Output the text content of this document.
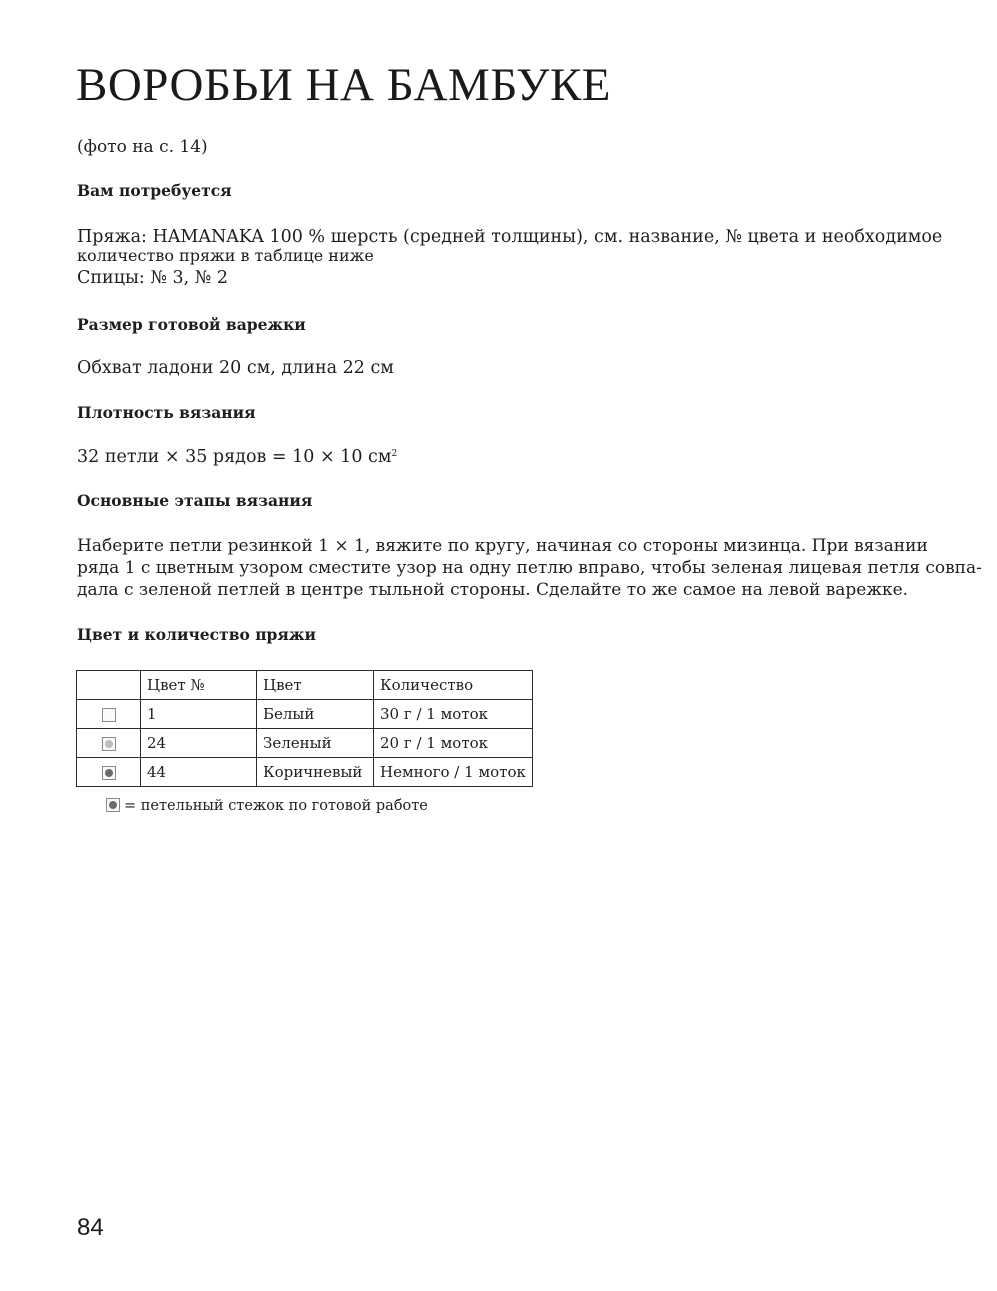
ВОРОБЬИ НА БАМБУКЕ
(фото на с. 14)
Вам потребуется
Пряжа: HAMANAKA 100 % шерсть (средней толщины), см. название, № цвета и необходимое
количество пряжи в таблице ниже
Спицы: № 3, № 2
Размер готовой варежки
Обхват ладони 20 см, длина 22 см
Плотность вязания
32 петли × 35 рядов = 10 × 10 $см^2$
Основные этапы вязания
Наберите петли резинкой 1 × 1, вяжите по кругу, начиная со стороны мизинца. При вязании
ряда 1 с цветным узором сместите узор на одну петлю вправо, чтобы зеленая лицевая петля совпа-
дала с зеленой петлей в центре тыльной стороны. Сделайте то же самое на левой варежке.
Цвет и количество пряжи
	Цвет №	Цвет	Количество
	1	Белый	30 г / 1 моток

	24	Зеленый	20 г / 1 моток

	44	Коричневый	Немного / 1 моток
= петельный стежок по готовой работе
84
